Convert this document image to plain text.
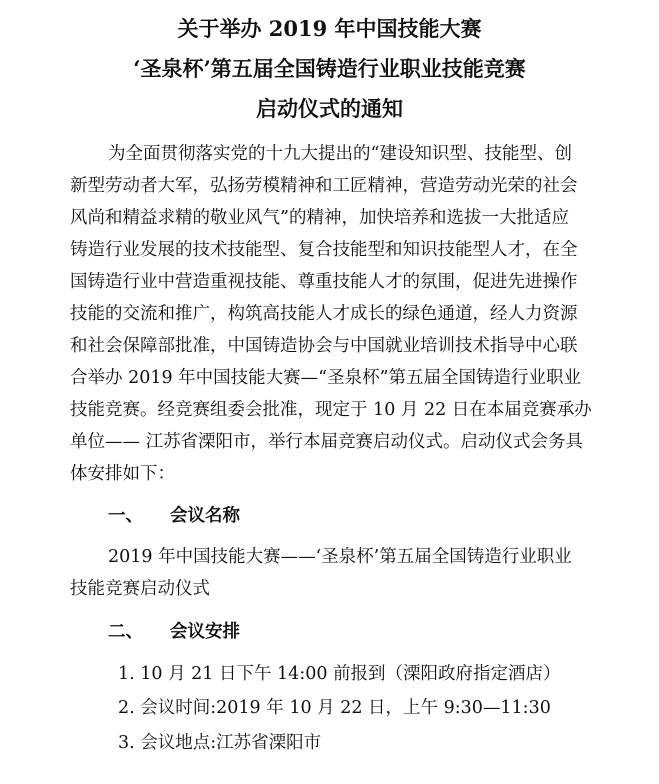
关于举办 2019 年中国技能大赛
‘圣泉杯’第五届全国铸造行业职业技能竞赛
启动仪式的通知
为全面贯彻落实党的十九大提出的“建设知识型、技能型、创
新型劳动者大军，弘扬劳模精神和工匠精神，营造劳动光荣的社会
风尚和精益求精的敬业风气”的精神，加快培养和选拔一大批适应
铸造行业发展的技术技能型、复合技能型和知识技能型人才，在全
国铸造行业中营造重视技能、尊重技能人才的氛围，促进先进操作
技能的交流和推广，构筑高技能人才成长的绿色通道，经人力资源
和社会保障部批准，中国铸造协会与中国就业培训技术指导中心联
合举办 2019 年中国技能大赛—“圣泉杯”第五届全国铸造行业职业
技能竞赛。经竞赛组委会批准，现定于 10 月 22 日在本届竞赛承办
单位—— 江苏省溧阳市，举行本届竞赛启动仪式。启动仪式会务具
体安排如下：
一、 会议名称
2019 年中国技能大赛——‘圣泉杯’第五届全国铸造行业职业
技能竞赛启动仪式
二、 会议安排
1. 10 月 21 日下午 14:00 前报到（溧阳政府指定酒店）
2. 会议时间:2019 年 10 月 22 日，上午 9:30—11:30
3. 会议地点:江苏省溧阳市
